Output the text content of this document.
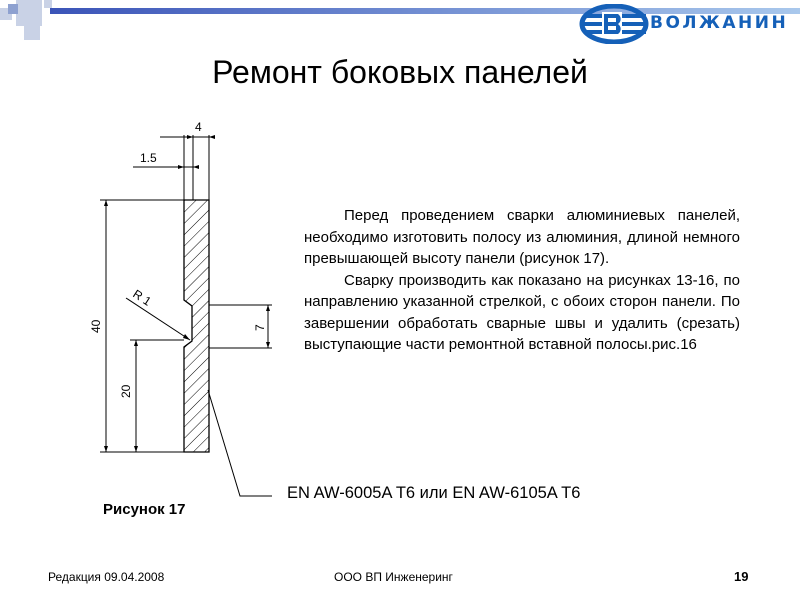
ВОЛЖАНИН
Ремонт боковых панелей
4
1.5
R 1
40
20
7

Перед проведением сварки алюминиевых панелей, необходимо изготовить полосу из алюминия, длиной немного превышающей высоту панели (рисунок 17).

Сварку производить как показано на рисунках 13-16, по направлению указанной стрелкой, с обоих сторон панели. По завершении обработать сварные швы и удалить (срезать) выступающие части ремонтной вставной полосы.рис.16

EN AW-6005A T6 или EN AW-6105A T6
Рисунок 17
Редакция 09.04.2008	ООО ВП Инженеринг	19
